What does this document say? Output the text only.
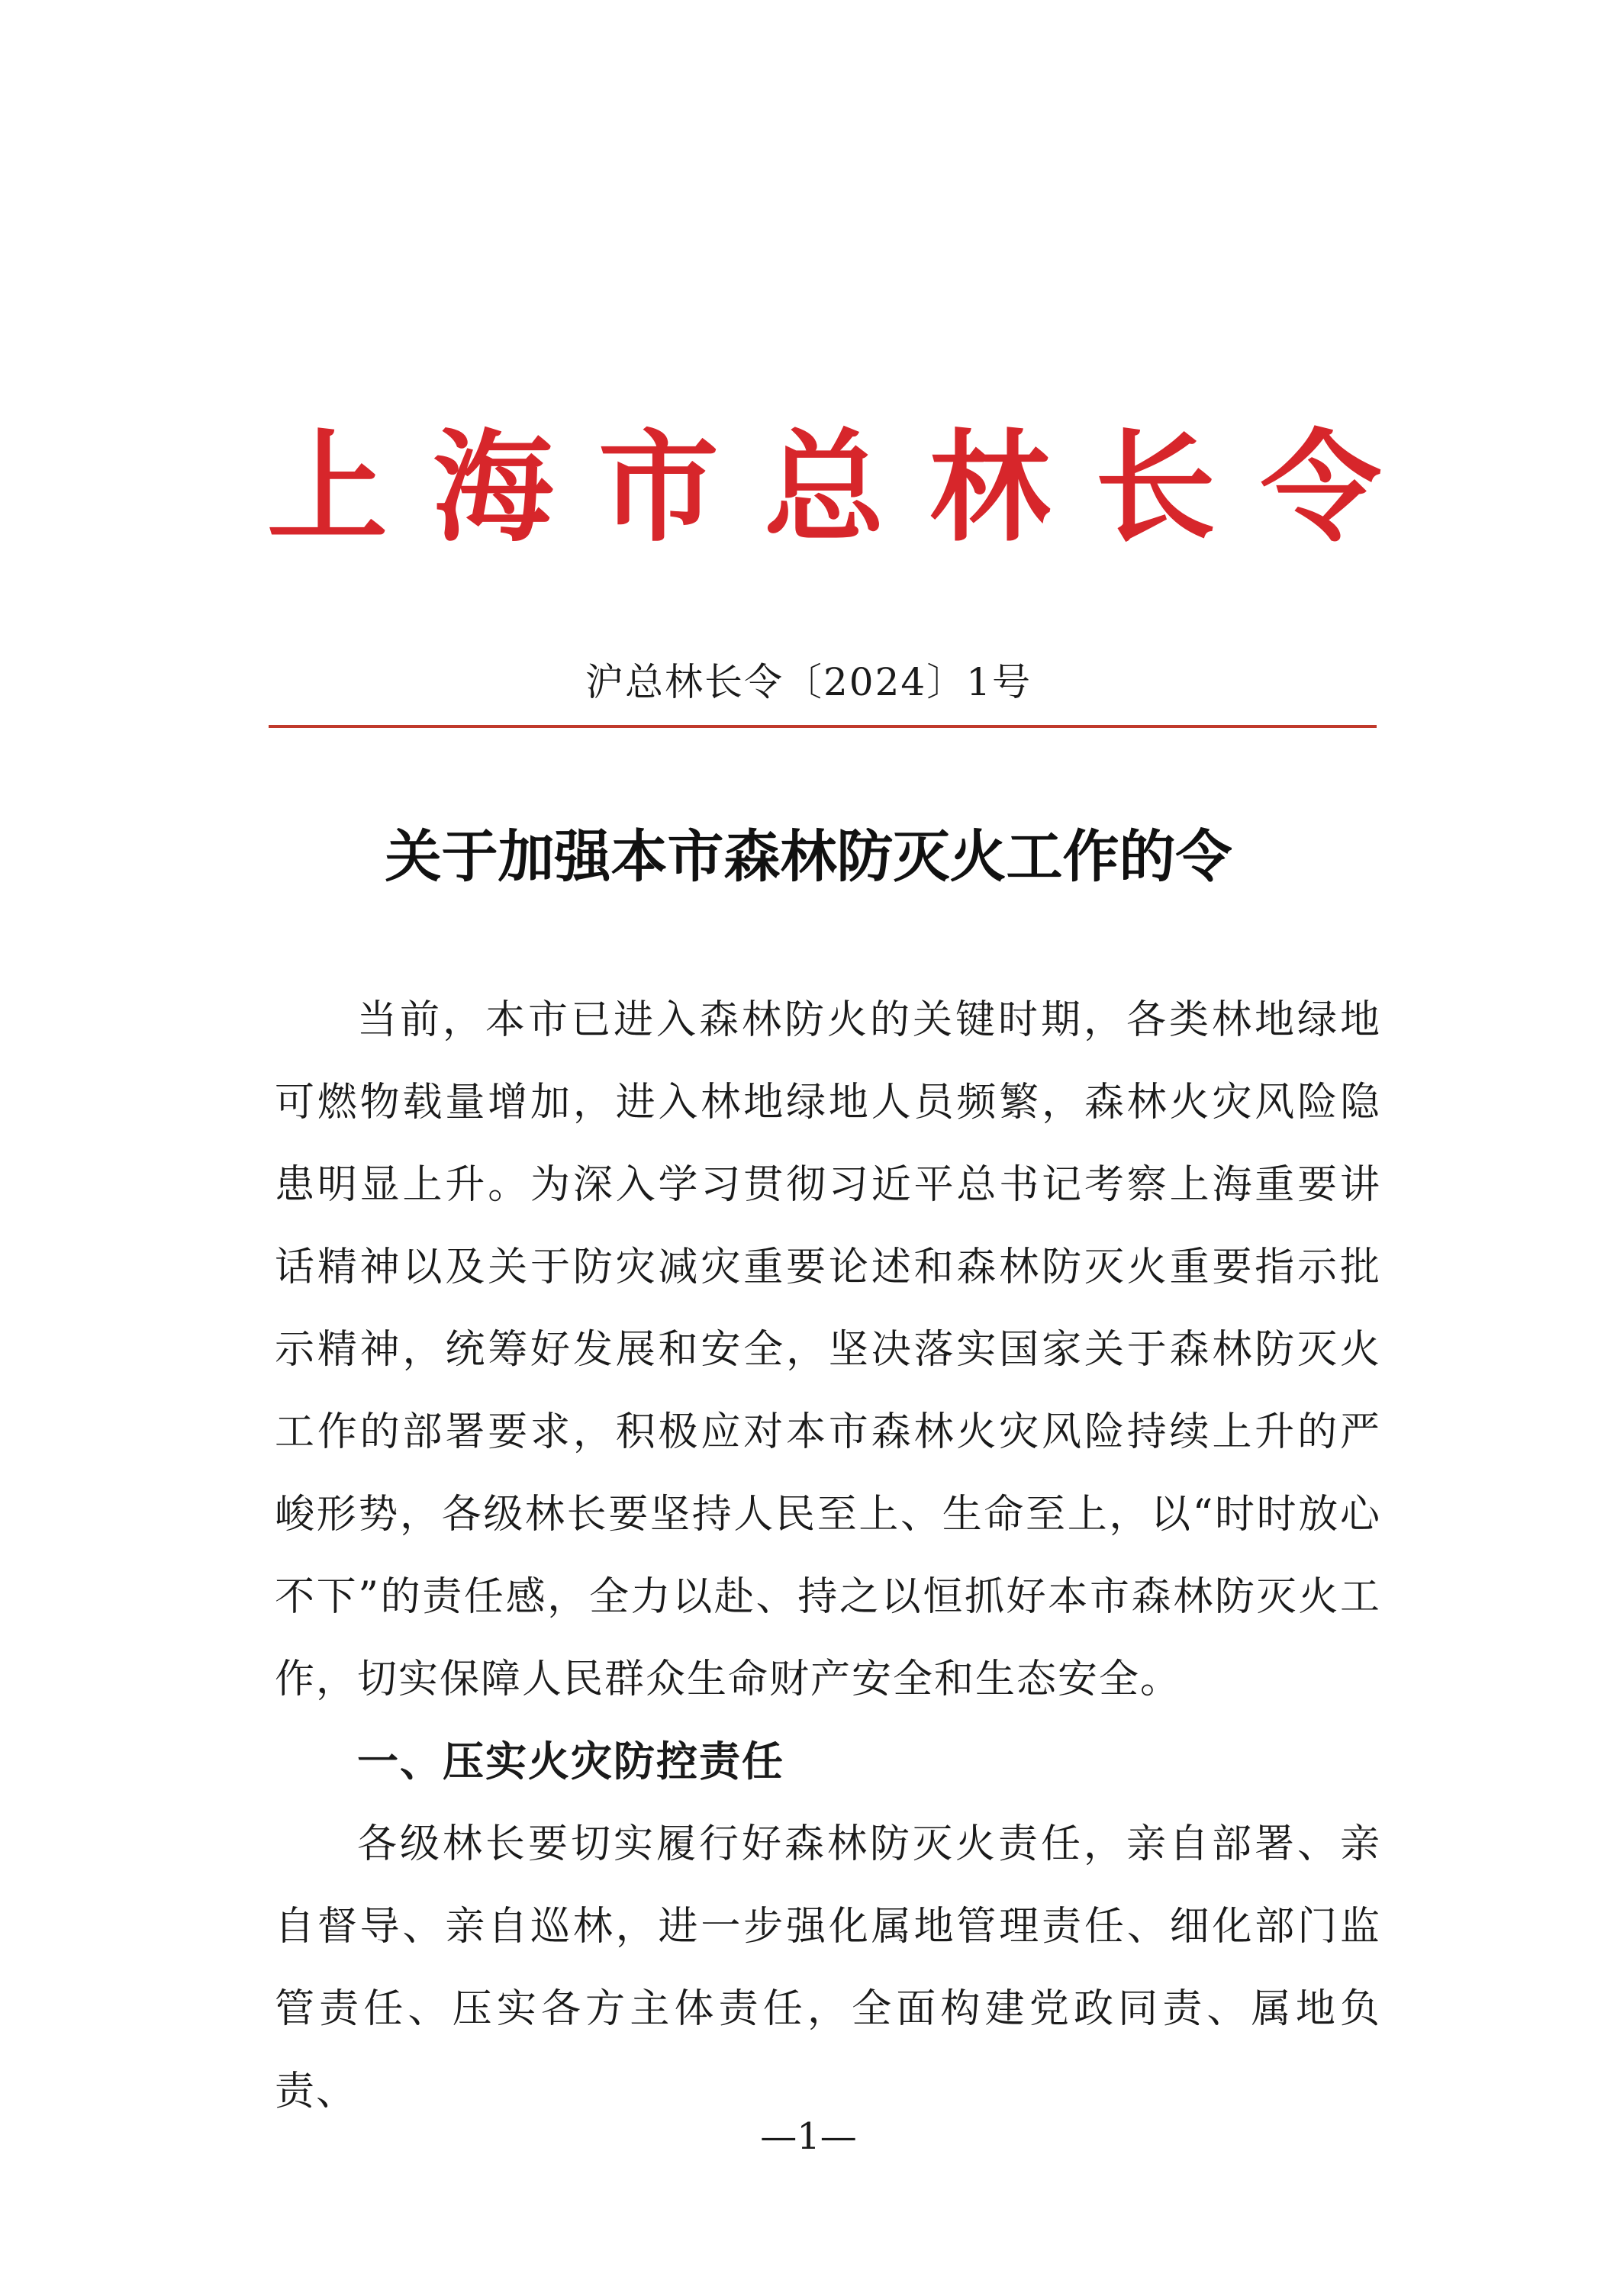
上 海 市 总 林 长 令
沪总林长令〔2024〕1号
关于加强本市森林防灭火工作的令

当前，本市已进入森林防火的关键时期，各类林地绿地可燃物载量增加，进入林地绿地人员频繁，森林火灾风险隐患明显上升。为深入学习贯彻习近平总书记考察上海重要讲话精神以及关于防灾减灾重要论述和森林防灭火重要指示批示精神，统筹好发展和安全，坚决落实国家关于森林防灭火工作的部署要求，积极应对本市森林火灾风险持续上升的严峻形势，各级林长要坚持人民至上、生命至上，以“时时放心不下”的责任感，全力以赴、持之以恒抓好本市森林防灭火工作，切实保障人民群众生命财产安全和生态安全。

一、压实火灾防控责任

各级林长要切实履行好森林防灭火责任，亲自部署、亲自督导、亲自巡林，进一步强化属地管理责任、细化部门监管责任、压实各方主体责任，全面构建党政同责、属地负责、

—1—
